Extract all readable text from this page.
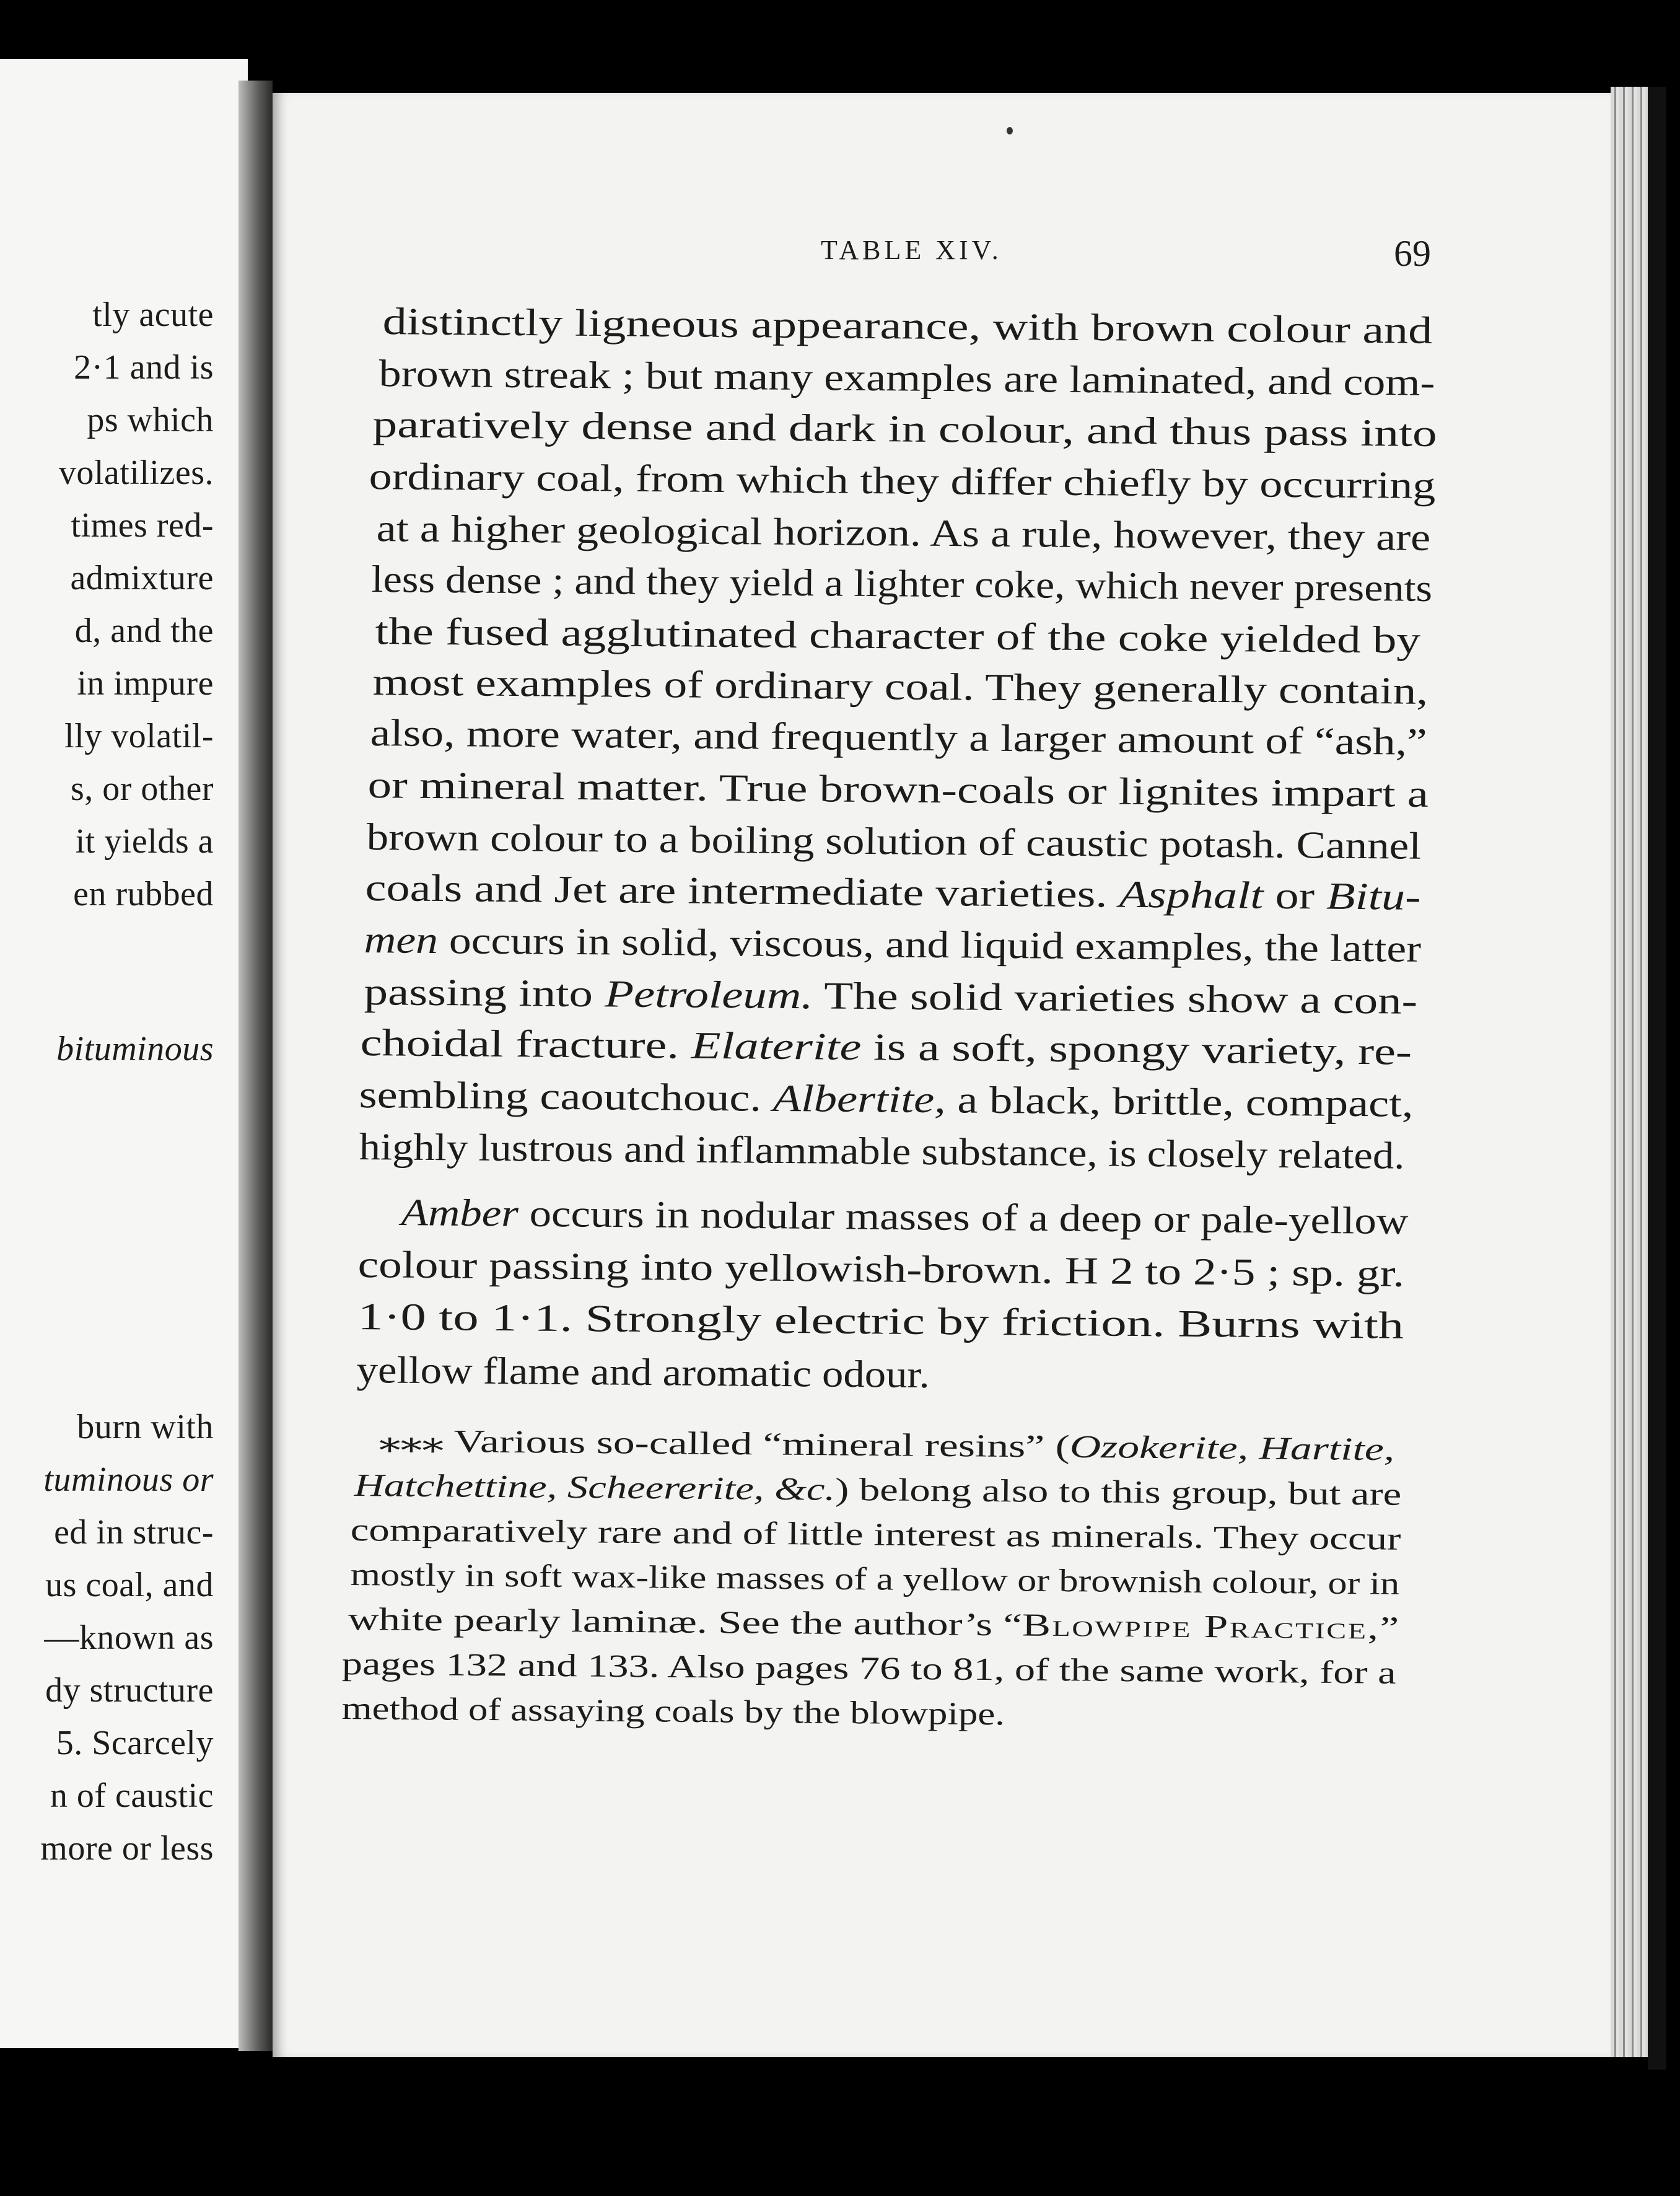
tly acute
2·1 and is
ps which
volatilizes.
times red-
admixture
d, and the
in impure
lly volatil-
s, or other
it yields a
en rubbed
bituminous
burn with
tuminous or
ed in struc-
us coal, and
—known as
dy structure
5. Scarcely
n of caustic
more or less
TABLE XIV.	69
distinctly ligneous appearance, with brown colour and
brown streak ; but many examples are laminated, and com-
paratively dense and dark in colour, and thus pass into
ordinary coal, from which they differ chiefly by occurring
at a higher geological horizon. As a rule, however, they are
less dense ; and they yield a lighter coke, which never presents
the fused agglutinated character of the coke yielded by
most examples of ordinary coal. They generally contain,
also, more water, and frequently a larger amount of “ash,”
or mineral matter. True brown-coals or lignites impart a
brown colour to a boiling solution of caustic potash. Cannel
coals and Jet are intermediate varieties. Asphalt or Bitu-
men occurs in solid, viscous, and liquid examples, the latter
passing into Petroleum. The solid varieties show a con-
choidal fracture. Elaterite is a soft, spongy variety, re-
sembling caoutchouc. Albertite, a black, brittle, compact,
highly lustrous and inflammable substance, is closely related.
Amber occurs in nodular masses of a deep or pale-yellow
colour passing into yellowish-brown. H 2 to 2·5 ; sp. gr.
1·0 to 1·1. Strongly electric by friction. Burns with
yellow flame and aromatic odour.
⁎⁎⁎ Various so-called “mineral resins” (Ozokerite, Hartite,
Hatchettine, Scheererite, &c.) belong also to this group, but are
comparatively rare and of little interest as minerals. They occur
mostly in soft wax-like masses of a yellow or brownish colour, or in
white pearly laminæ. See the author’s “Blowpipe Practice,”
pages 132 and 133. Also pages 76 to 81, of the same work, for a
method of assaying coals by the blowpipe.
